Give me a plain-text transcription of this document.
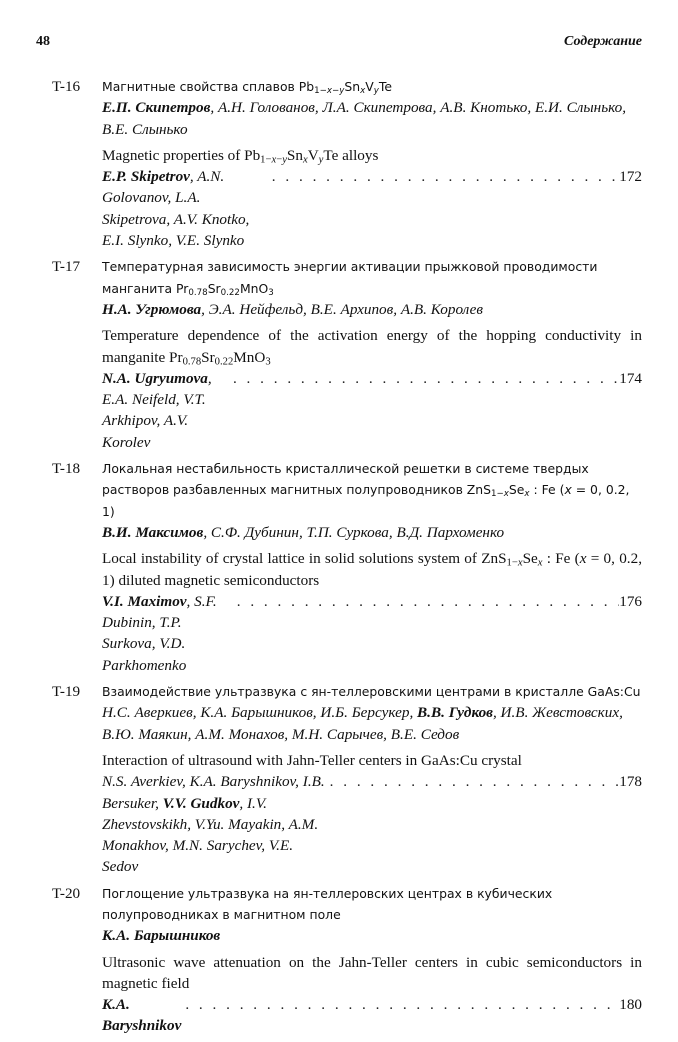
48	Содержание
T-16	Магнитные свойства сплавов $Pb_{1-x-y}Sn_xV_yTe$
Е.П. Скипетров, А.Н. Голованов, Л.А. Скипетрова, А.В. Кнотько, Е.И. Слынько, В.Е. Слынько
Magnetic properties of $Pb_{1-x-y}Sn_xV_yTe$ alloys
E.P. Skipetrov, A.N. Golovanov, L.A. Skipetrova, A.V. Knotko, E.I. Slynko, V.E. Slynko
. . .
172
T-17	Температурная зависимость энергии активации прыжковой проводимости манганита $Pr_{0.78}Sr_{0.22}MnO_3$
Н.А. Угрюмова, Э.А. Нейфельд, В.Е. Архипов, А.В. Королев
Temperature dependence of the activation energy of the hopping conductivity in manganite $Pr_{0.78}Sr_{0.22}MnO_3$
N.A. Ugryumova, E.A. Neifeld, V.T. Arkhipov, A.V. Korolev
. . .
174
T-18	Локальная нестабильность кристаллической решетки в системе твердых растворов разбавленных магнитных полупроводников $ZnS_{1-x}Se_x$ : Fe (x = 0, 0.2, 1)
В.И. Максимов, С.Ф. Дубинин, Т.П. Суркова, В.Д. Пархоменко
Local instability of crystal lattice in solid solutions system of $ZnS_{1-x}Se_x$ : Fe (x = 0, 0.2, 1) diluted magnetic semiconductors
V.I. Maximov, S.F. Dubinin, T.P. Surkova, V.D. Parkhomenko
. . .
176
T-19	Взаимодействие ультразвука с ян-теллеровскими центрами в кристалле GaAs:Cu
Н.С. Аверкиев, К.А. Барышников, И.Б. Берсукер, В.В. Гудков, И.В. Жевстовских, В.Ю. Маякин, А.М. Монахов, М.Н. Сарычев, В.Е. Седов
Interaction of ultrasound with Jahn-Teller centers in GaAs:Cu crystal
N.S. Averkiev, K.A. Baryshnikov, I.B. Bersuker, V.V. Gudkov, I.V. Zhevstovskikh, V.Yu. Mayakin, A.M. Monakhov, M.N. Sarychev, V.E. Sedov
. . .
178
T-20	Поглощение ультразвука на ян-теллеровских центрах в кубических полупроводниках в магнитном поле
К.А. Барышников
Ultrasonic wave attenuation on the Jahn-Teller centers in cubic semiconductors in magnetic field
K.A. Baryshnikov
. . .
180
